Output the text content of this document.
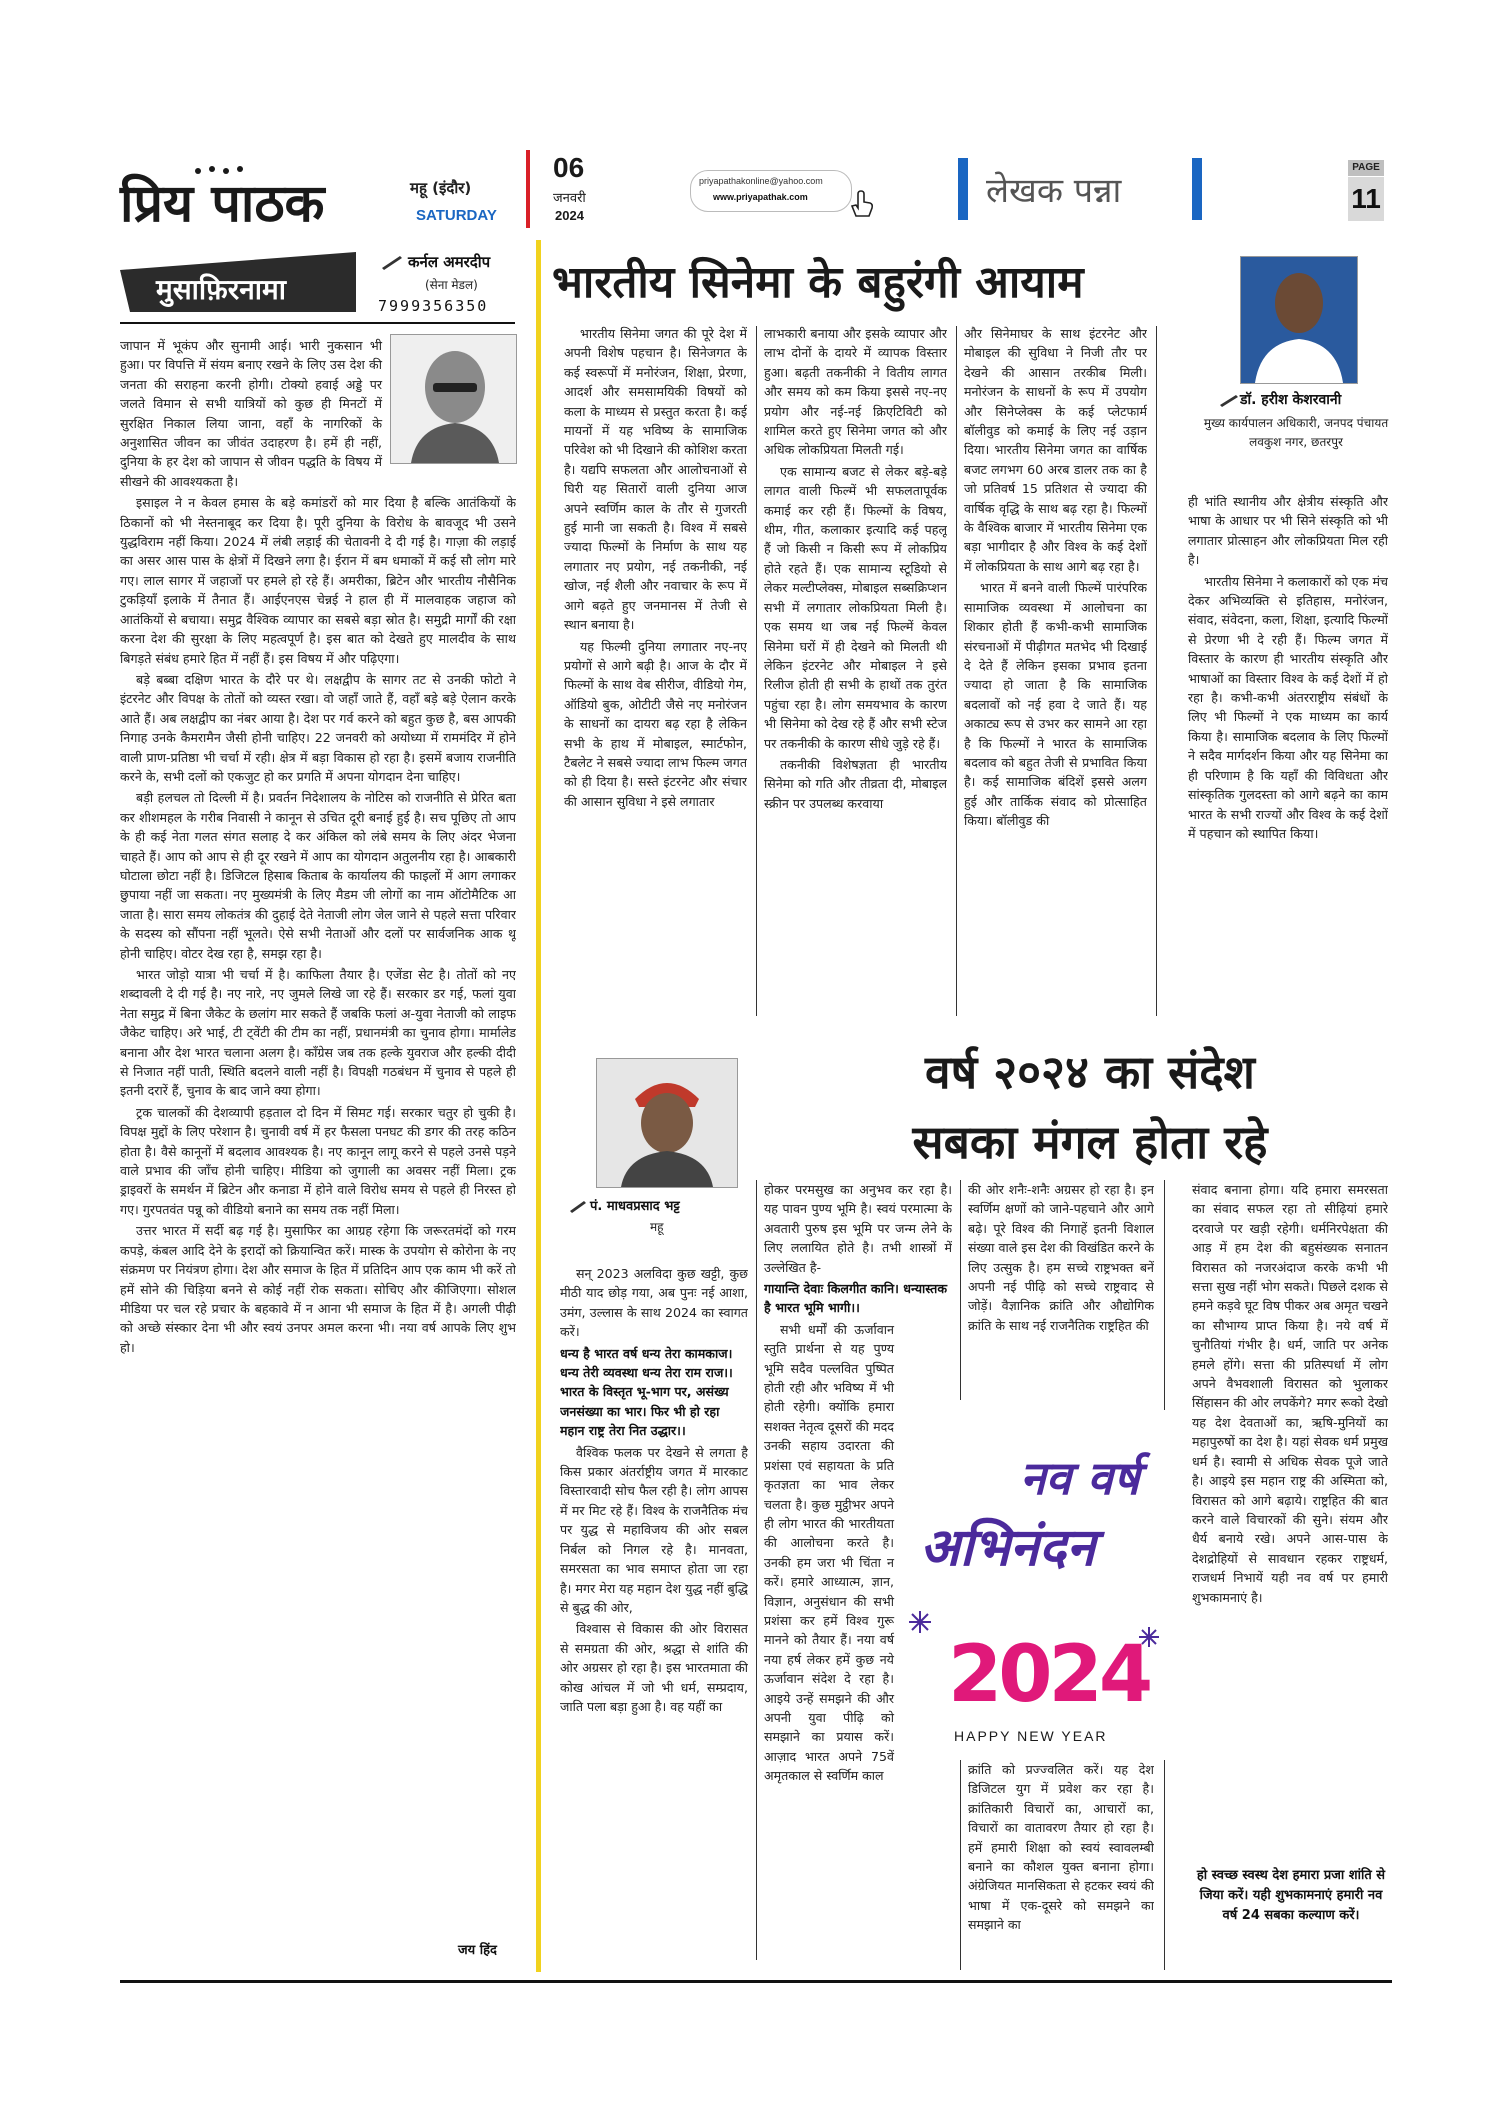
प्रिय पाठक	महू (इंदौर)
SATURDAY
06
जनवरी
2024
priyapathakonline@yahoo.com
www.priyapathak.com	लेखक पन्ना
PAGE
11
मुसाफ़िरनामा
कर्नल अमरदीप
(सेना मेडल)
7999356350

जापान में भूकंप और सुनामी आई। भारी नुकसान भी हुआ। पर विपत्ति में संयम बनाए रखने के लिए उस देश की जनता की सराहना करनी होगी। टोक्यो हवाई अड्डे पर जलते विमान से सभी यात्रियों को कुछ ही मिनटों में सुरक्षित निकाल लिया जाना, वहाँ के नागरिकों के अनुशासित जीवन का जीवंत उदाहरण है। हमें ही नहीं, दुनिया के हर देश को जापान से जीवन पद्धति के विषय में सीखने की आवश्यकता है।

इसाइल ने न केवल हमास के बड़े कमांडरों को मार दिया है बल्कि आतंकियों के ठिकानों को भी नेस्तनाबूद कर दिया है। पूरी दुनिया के विरोध के बावजूद भी उसने युद्धविराम नहीं किया। 2024 में लंबी लड़ाई की चेतावनी दे दी गई है। गाज़ा की लड़ाई का असर आस पास के क्षेत्रों में दिखने लगा है। ईरान में बम धमाकों में कई सौ लोग मारे गए। लाल सागर में जहाजों पर हमले हो रहे हैं। अमरीका, ब्रिटेन और भारतीय नौसैनिक टुकड़ियाँ इलाके में तैनात हैं। आईएनएस चेन्नई ने हाल ही में मालवाहक जहाज को आतंकियों से बचाया। समुद्र वैश्विक व्यापार का सबसे बड़ा स्रोत है। समुद्री मार्गों की रक्षा करना देश की सुरक्षा के लिए महत्वपूर्ण है। इस बात को देखते हुए मालदीव के साथ बिगड़ते संबंध हमारे हित में नहीं हैं। इस विषय में और पढ़िएगा।

बड़े बब्बा दक्षिण भारत के दौरे पर थे। लक्षद्वीप के सागर तट से उनकी फोटो ने इंटरनेट और विपक्ष के तोतों को व्यस्त रखा। वो जहाँ जाते हैं, वहाँ बड़े बड़े ऐलान करके आते हैं। अब लक्षद्वीप का नंबर आया है। देश पर गर्व करने को बहुत कुछ है, बस आपकी निगाह उनके कैमरामैन जैसी होनी चाहिए। 22 जनवरी को अयोध्या में राममंदिर में होने वाली प्राण-प्रतिष्ठा भी चर्चा में रही। क्षेत्र में बड़ा विकास हो रहा है। इसमें बजाय राजनीति करने के, सभी दलों को एकजुट हो कर प्रगति में अपना योगदान देना चाहिए।

बड़ी हलचल तो दिल्ली में है। प्रवर्तन निदेशालय के नोटिस को राजनीति से प्रेरित बता कर शीशमहल के गरीब निवासी ने कानून से उचित दूरी बनाई हुई है। सच पूछिए तो आप के ही कई नेता गलत संगत सलाह दे कर अंकिल को लंबे समय के लिए अंदर भेजना चाहते हैं। आप को आप से ही दूर रखने में आप का योगदान अतुलनीय रहा है। आबकारी घोटाला छोटा नहीं है। डिजिटल हिसाब किताब के कार्यालय की फाइलों में आग लगाकर छुपाया नहीं जा सकता। नए मुख्यमंत्री के लिए मैडम जी लोगों का नाम ऑटोमैटिक आ जाता है। सारा समय लोकतंत्र की दुहाई देते नेताजी लोग जेल जाने से पहले सत्ता परिवार के सदस्य को सौंपना नहीं भूलते। ऐसे सभी नेताओं और दलों पर सार्वजनिक आक थू होनी चाहिए। वोटर देख रहा है, समझ रहा है।

भारत जोड़ो यात्रा भी चर्चा में है। काफिला तैयार है। एजेंडा सेट है। तोतों को नए शब्दावली दे दी गई है। नए नारे, नए जुमले लिखे जा रहे हैं। सरकार डर गई, फलां युवा नेता समुद्र में बिना जैकेट के छलांग मार सकते हैं जबकि फलां अ-युवा नेताजी को लाइफ जैकेट चाहिए। अरे भाई, टी ट्वेंटी की टीम का नहीं, प्रधानमंत्री का चुनाव होगा। मार्मालेड बनाना और देश भारत चलाना अलग है। काँग्रेस जब तक हल्के युवराज और हल्की दीदी से निजात नहीं पाती, स्थिति बदलने वाली नहीं है। विपक्षी गठबंधन में चुनाव से पहले ही इतनी दरारें हैं, चुनाव के बाद जाने क्या होगा।

ट्रक चालकों की देशव्यापी हड़ताल दो दिन में सिमट गई। सरकार चतुर हो चुकी है। विपक्ष मुद्दों के लिए परेशान है। चुनावी वर्ष में हर फैसला पनघट की डगर की तरह कठिन होता है। वैसे कानूनों में बदलाव आवश्यक है। नए कानून लागू करने से पहले उनसे पड़ने वाले प्रभाव की जाँच होनी चाहिए। मीडिया को जुगाली का अवसर नहीं मिला। ट्रक ड्राइवरों के समर्थन में ब्रिटेन और कनाडा में होने वाले विरोध समय से पहले ही निरस्त हो गए। गुरपतवंत पन्नू को वीडियो बनाने का समय तक नहीं मिला।

उत्तर भारत में सर्दी बढ़ गई है। मुसाफिर का आग्रह रहेगा कि जरूरतमंदों को गरम कपड़े, कंबल आदि देने के इरादों को क्रियान्वित करें। मास्क के उपयोग से कोरोना के नए संक्रमण पर नियंत्रण होगा। देश और समाज के हित में प्रतिदिन आप एक काम भी करें तो हमें सोने की चिड़िया बनने से कोई नहीं रोक सकता। सोचिए और कीजिएगा। सोशल मीडिया पर चल रहे प्रचार के बहकावे में न आना भी समाज के हित में है। अगली पीढ़ी को अच्छे संस्कार देना भी और स्वयं उनपर अमल करना भी। नया वर्ष आपके लिए शुभ हो।

जय हिंद
भारतीय सिनेमा के बहुरंगी आयाम
डॉ. हरीश केशरवानी
मुख्य कार्यपालन अधिकारी, जनपद पंचायत लवकुश नगर, छतरपुर

भारतीय सिनेमा जगत की पूरे देश में अपनी विशेष पहचान है। सिनेजगत के कई स्वरूपों में मनोरंजन, शिक्षा, प्रेरणा, आदर्श और समसामयिकी विषयों को कला के माध्यम से प्रस्तुत करता है। कई मायनों में यह भविष्य के सामाजिक परिवेश को भी दिखाने की कोशिश करता है। यद्यपि सफलता और आलोचनाओं से घिरी यह सितारों वाली दुनिया आज अपने स्वर्णिम काल के तौर से गुजरती हुई मानी जा सकती है। विश्व में सबसे ज्यादा फिल्मों के निर्माण के साथ यह लगातार नए प्रयोग, नई तकनीकी, नई खोज, नई शैली और नवाचार के रूप में आगे बढ़ते हुए जनमानस में तेजी से स्थान बनाया है।

यह फिल्मी दुनिया लगातार नए-नए प्रयोगों से आगे बढ़ी है। आज के दौर में फिल्मों के साथ वेब सीरीज, वीडियो गेम, ऑडियो बुक, ओटीटी जैसे नए मनोरंजन के साधनों का दायरा बढ़ रहा है लेकिन सभी के हाथ में मोबाइल, स्मार्टफोन, टैबलेट ने सबसे ज्यादा लाभ फिल्म जगत को ही दिया है। सस्ते इंटरनेट और संचार की आसान सुविधा ने इसे लगातार

लाभकारी बनाया और इसके व्यापार और लाभ दोनों के दायरे में व्यापक विस्तार हुआ। बढ़ती तकनीकी ने वितीय लागत और समय को कम किया इससे नए-नए प्रयोग और नई-नई क्रिएटिविटी को शामिल करते हुए सिनेमा जगत को और अधिक लोकप्रियता मिलती गई।

एक सामान्य बजट से लेकर बड़े-बड़े लागत वाली फिल्में भी सफलतापूर्वक कमाई कर रही हैं। फिल्मों के विषय, थीम, गीत, कलाकार इत्यादि कई पहलू हैं जो किसी न किसी रूप में लोकप्रिय होते रहते हैं। एक सामान्य स्टूडियो से लेकर मल्टीप्लेक्स, मोबाइल सब्सक्रिप्शन सभी में लगातार लोकप्रियता मिली है। एक समय था जब नई फिल्में केवल सिनेमा घरों में ही देखने को मिलती थी लेकिन इंटरनेट और मोबाइल ने इसे रिलीज होती ही सभी के हाथों तक तुरंत पहुंचा रहा है। लोग समयभाव के कारण भी सिनेमा को देख रहे हैं और सभी स्टेज पर तकनीकी के कारण सीधे जुड़े रहे हैं।

तकनीकी विशेषज्ञता ही भारतीय सिनेमा को गति और तीव्रता दी, मोबाइल स्क्रीन पर उपलब्ध करवाया

और सिनेमाघर के साथ इंटरनेट और मोबाइल की सुविधा ने निजी तौर पर देखने की आसान तरकीब मिली। मनोरंजन के साधनों के रूप में उपयोग और सिनेप्लेक्स के कई प्लेटफार्म बॉलीवुड को कमाई के लिए नई उड़ान दिया। भारतीय सिनेमा जगत का वार्षिक बजट लगभग 60 अरब डालर तक का है जो प्रतिवर्ष 15 प्रतिशत से ज्यादा की वार्षिक वृद्धि के साथ बढ़ रहा है। फिल्मों के वैश्विक बाजार में भारतीय सिनेमा एक बड़ा भागीदार है और विश्व के कई देशों में लोकप्रियता के साथ आगे बढ़ रहा है।

भारत में बनने वाली फिल्में पारंपरिक सामाजिक व्यवस्था में आलोचना का शिकार होती हैं कभी-कभी सामाजिक संरचनाओं में पीढ़ीगत मतभेद भी दिखाई दे देते हैं लेकिन इसका प्रभाव इतना ज्यादा हो जाता है कि सामाजिक बदलावों को नई हवा दे जाते हैं। यह अकाट्य रूप से उभर कर सामने आ रहा है कि फिल्मों ने भारत के सामाजिक बदलाव को बहुत तेजी से प्रभावित किया है। कई सामाजिक बंदिशें इससे अलग हुई और तार्किक संवाद को प्रोत्साहित किया। बॉलीवुड की

ही भांति स्थानीय और क्षेत्रीय संस्कृति और भाषा के आधार पर भी सिने संस्कृति को भी लगातार प्रोत्साहन और लोकप्रियता मिल रही है।

भारतीय सिनेमा ने कलाकारों को एक मंच देकर अभिव्यक्ति से इतिहास, मनोरंजन, संवाद, संवेदना, कला, शिक्षा, इत्यादि फिल्मों से प्रेरणा भी दे रही हैं। फिल्म जगत में विस्तार के कारण ही भारतीय संस्कृति और भाषाओं का विस्तार विश्व के कई देशों में हो रहा है। कभी-कभी अंतरराष्ट्रीय संबंधों के लिए भी फिल्मों ने एक माध्यम का कार्य किया है। सामाजिक बदलाव के लिए फिल्मों ने सदैव मार्गदर्शन किया और यह सिनेमा का ही परिणाम है कि यहाँ की विविधता और सांस्कृतिक गुलदस्ता को आगे बढ़ने का काम भारत के सभी राज्यों और विश्व के कई देशों में पहचान को स्थापित किया।

वर्ष २०२४ का संदेश
सबका मंगल होता रहे
पं. माधवप्रसाद भट्ट
महू

सन् 2023 अलविदा कुछ खट्टी, कुछ मीठी याद छोड़ गया, अब पुनः नई आशा, उमंग, उल्लास के साथ 2024 का स्वागत करें।

धन्य है भारत वर्ष धन्य तेरा कामकाज। धन्य तेरी व्यवस्था धन्य तेरा राम राज।। भारत के विस्तृत भू-भाग पर, असंख्य जनसंख्या का भार। फिर भी हो रहा महान राष्ट्र तेरा नित उद्धार।।

वैश्विक फलक पर देखने से लगता है किस प्रकार अंतर्राष्ट्रीय जगत में मारकाट विस्तारवादी सोच फैल रही है। लोग आपस में मर मिट रहे हैं। विश्व के राजनैतिक मंच पर युद्ध से महाविजय की ओर सबल निर्बल को निगल रहे है। मानवता, समरसता का भाव समाप्त होता जा रहा है। मगर मेरा यह महान देश युद्ध नहीं बुद्धि से बुद्ध की ओर,

विश्वास से विकास की ओर विरासत से समग्रता की ओर, श्रद्धा से शांति की ओर अग्रसर हो रहा है। इस भारतमाता की कोख आंचल में जो भी धर्म, सम्प्रदाय, जाति पला बड़ा हुआ है। वह यहीं का

होकर परमसुख का अनुभव कर रहा है। यह पावन पुण्य भूमि है। स्वयं परमात्मा के अवतारी पुरुष इस भूमि पर जन्म लेने के लिए ललायित होते है। तभी शास्त्रों में उल्लेखित है-

गायान्ति देवाः किलगीत कानि। धन्यास्तक है भारत भूमि भागी।।

सभी धर्मों की ऊर्जावान स्तुति प्रार्थना से यह पुण्य भूमि सदैव पल्लवित पुष्पित होती रही और भविष्य में भी होती रहेगी। क्योंकि हमारा सशक्त नेतृत्व दूसरों की मदद उनकी सहाय उदारता की प्रशंसा एवं सहायता के प्रति कृतज्ञता का भाव लेकर चलता है। कुछ मुट्ठीभर अपने ही लोग भारत की भारतीयता की आलोचना करते है। उनकी हम जरा भी चिंता न करें। हमारे आध्यात्म, ज्ञान, विज्ञान, अनुसंधान की सभी प्रशंसा कर हमें विश्व गुरू मानने को तैयार हैं। नया वर्ष नया हर्ष लेकर हमें कुछ नये ऊर्जावान संदेश दे रहा है। आइये उन्हें समझने की और अपनी युवा पीढ़ि को समझाने का प्रयास करें। आज़ाद भारत अपने 75वें अमृतकाल से स्वर्णिम काल

की ओर शनैः-शनैः अग्रसर हो रहा है। इन स्वर्णिम क्षणों को जाने-पहचाने और आगे बढ़े। पूरे विश्व की निगाहें इतनी विशाल संख्या वाले इस देश की विखंडित करने के लिए उत्सुक है। हम सच्चे राष्ट्रभक्त बनें अपनी नई पीढ़ि को सच्चे राष्ट्रवाद से जोड़ें। वैज्ञानिक क्रांति और औद्योगिक क्रांति के साथ नई राजनैतिक राष्ट्रहित की

संवाद बनाना होगा। यदि हमारा समरसता का संवाद सफल रहा तो सीढ़ियां हमारे दरवाजे पर खड़ी रहेगी। धर्मनिरपेक्षता की आड़ में हम देश की बहुसंख्यक सनातन विरासत को नजरअंदाज करके कभी भी सत्ता सुख नहीं भोग सकते। पिछले दशक से हमने कड़वे घूट विष पीकर अब अमृत चखने का सौभाग्य प्राप्त किया है। नये वर्ष में चुनौतियां गंभीर है। धर्म, जाति पर अनेक हमले होंगे। सत्ता की प्रतिस्पर्धा में लोग अपने वैभवशाली विरासत को भुलाकर सिंहासन की ओर लपकेंगे? मगर रूको देखो यह देश देवताओं का, ऋषि-मुनियों का महापुरुषों का देश है। यहां सेवक धर्म प्रमुख धर्म है। स्वामी से अधिक सेवक पूजे जाते है। आइये इस महान राष्ट्र की अस्मिता को, विरासत को आगे बढ़ाये। राष्ट्रहित की बात करने वाले विचारकों की सुने। संयम और धैर्य बनाये रखे। अपने आस-पास के देशद्रोहियों से सावधान रहकर राष्ट्रधर्म, राजधर्म निभायें यही नव वर्ष पर हमारी शुभकामनाएं है।

नव वर्ष
अभिनंदन
2024
HAPPY NEW YEAR

क्रांति को प्रज्ज्वलित करें। यह देश डिजिटल युग में प्रवेश कर रहा है। क्रांतिकारी विचारों का, आचारों का, विचारों का वातावरण तैयार हो रहा है। हमें हमारी शिक्षा को स्वयं स्वावलम्बी बनाने का कौशल युक्त बनाना होगा। अंग्रेजियत मानसिकता से हटकर स्वयं की भाषा में एक-दूसरे को समझने का समझाने का

हो स्वच्छ स्वस्थ देश हमारा प्रजा शांति से जिया करें। यही शुभकामनाएं हमारी नव वर्ष 24 सबका कल्याण करें।
